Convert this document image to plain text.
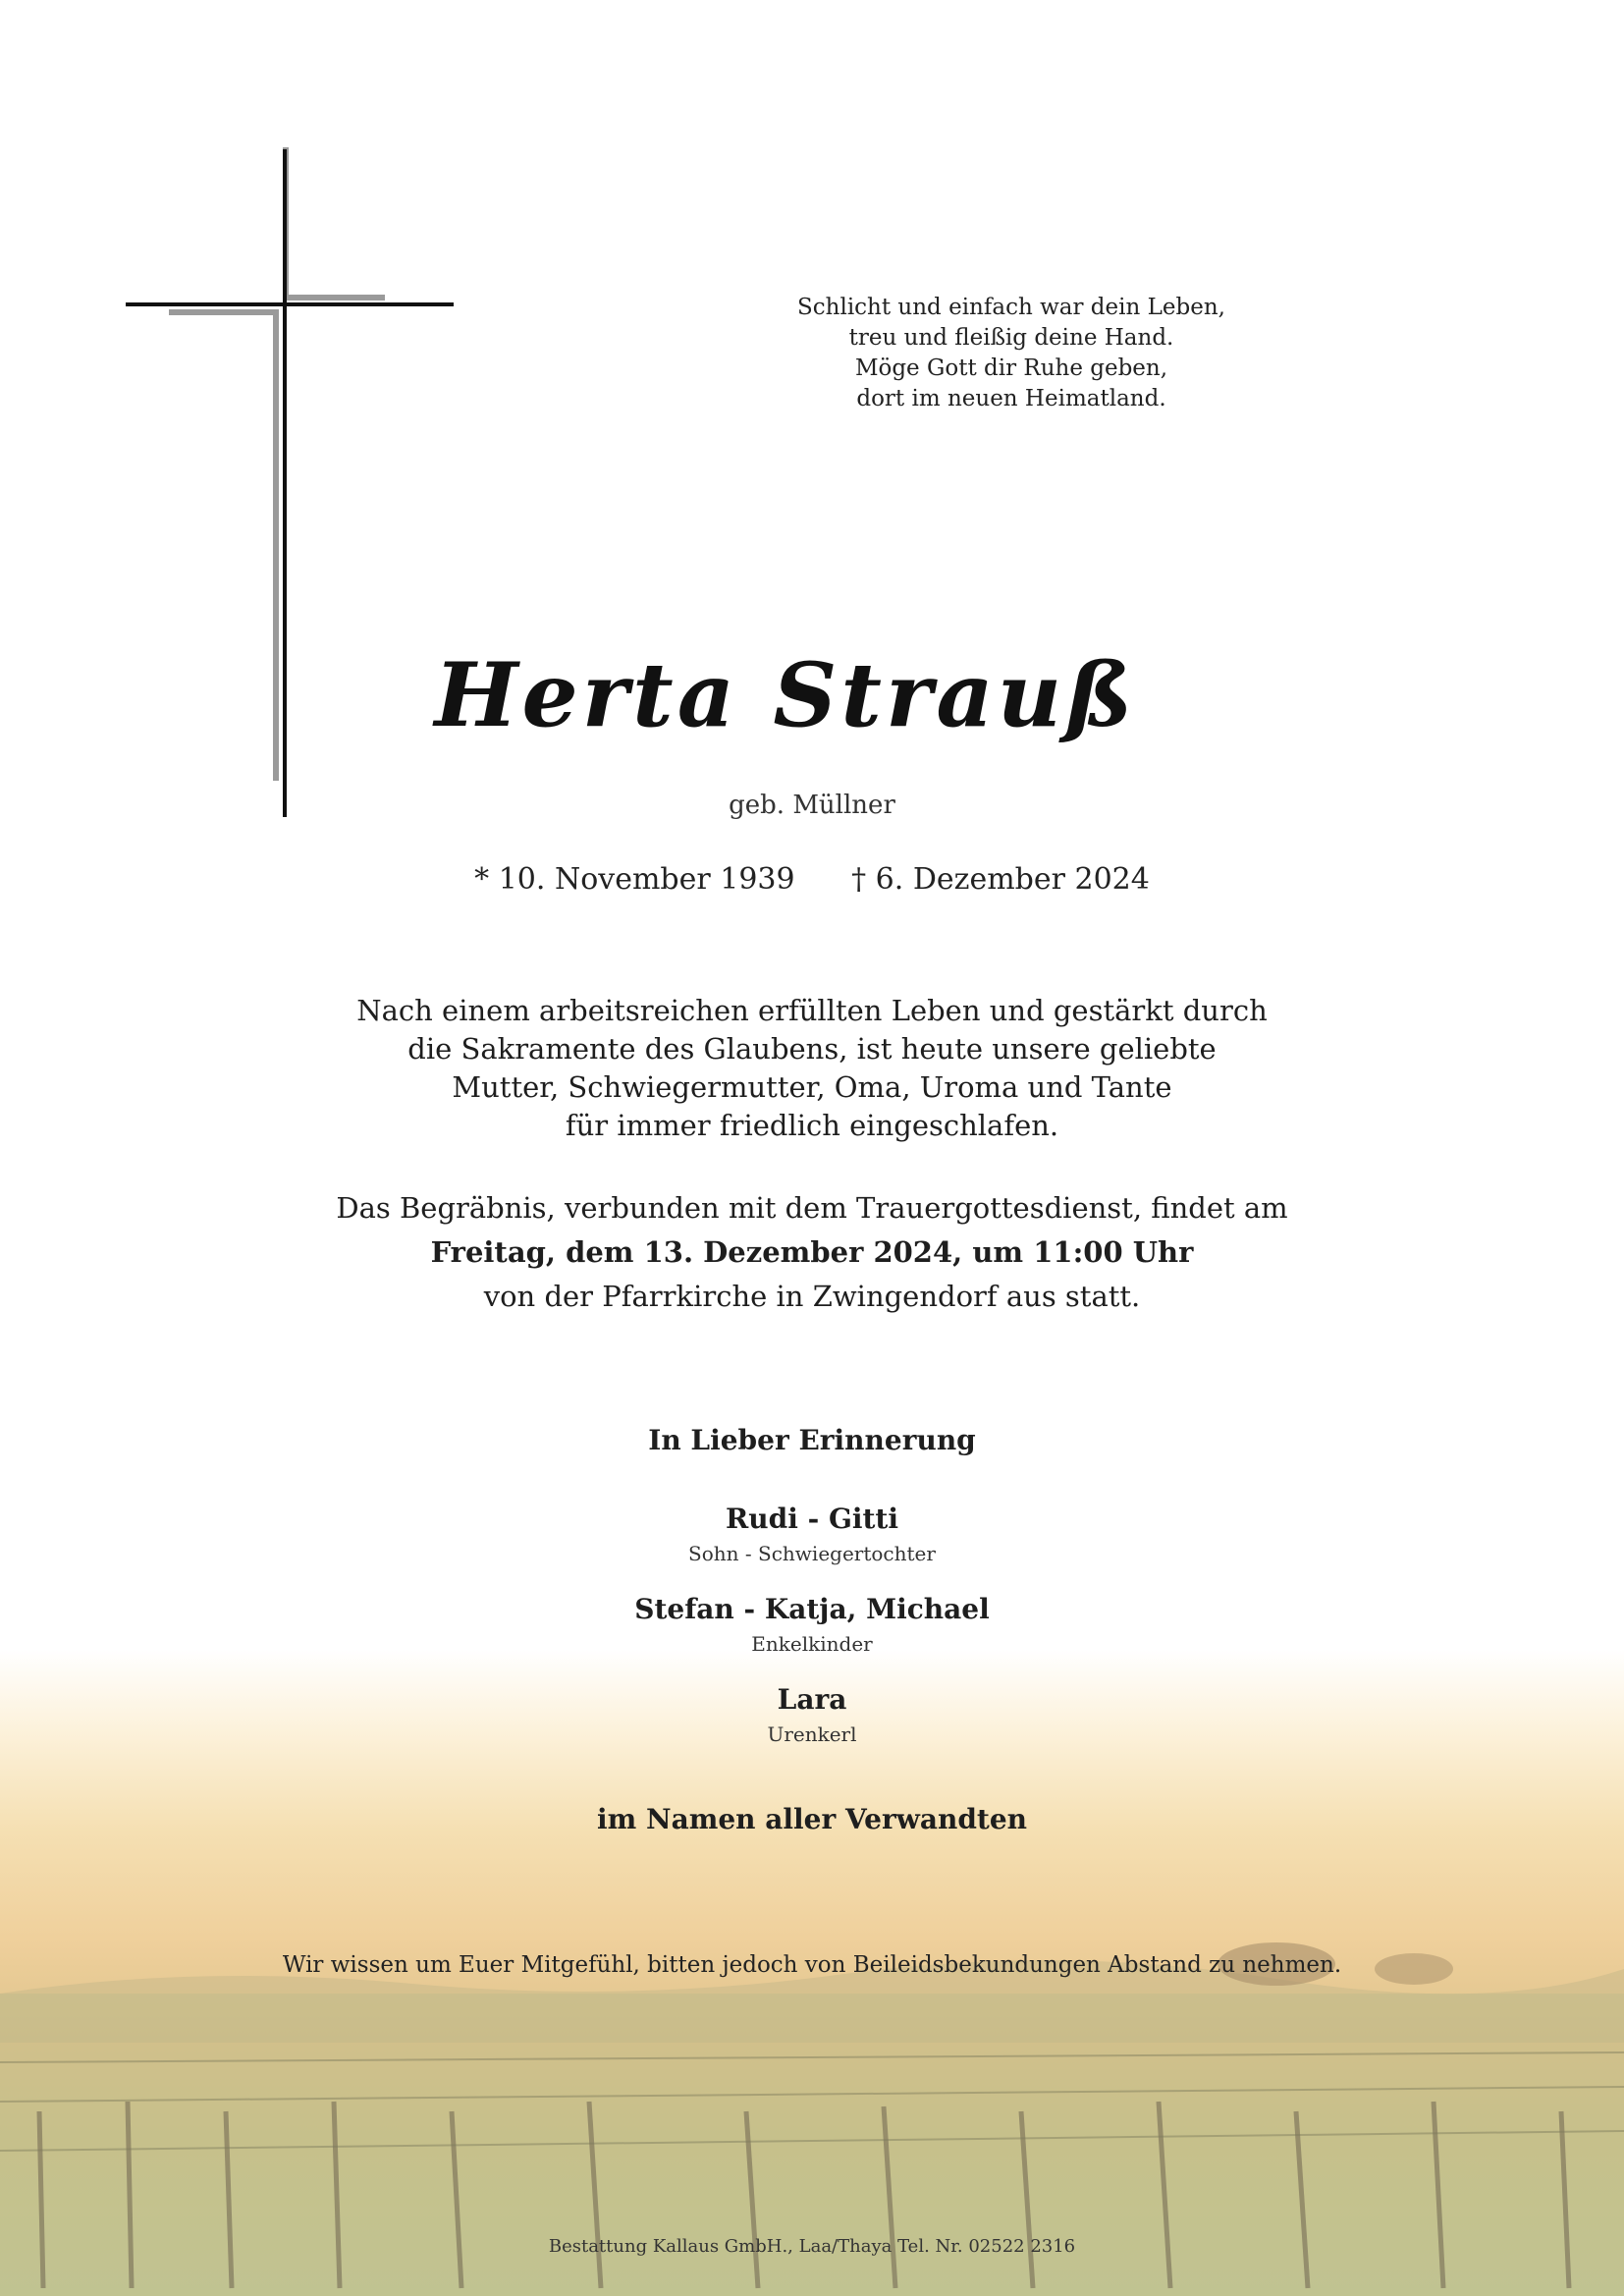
Schlicht und einfach war dein Leben,
treu und fleißig deine Hand.
Möge Gott dir Ruhe geben,
dort im neuen Heimatland.
Herta Strauß
geb. Müllner
* 10. November 1939 † 6. Dezember 2024
Nach einem arbeitsreichen erfüllten Leben und gestärkt durch
die Sakramente des Glaubens, ist heute unsere geliebte
Mutter, Schwiegermutter, Oma, Uroma und Tante
für immer friedlich eingeschlafen.
Das Begräbnis, verbunden mit dem Trauergottesdienst, findet am
Freitag, dem 13. Dezember 2024, um 11:00 Uhr
von der Pfarrkirche in Zwingendorf aus statt.
In Lieber Erinnerung
Rudi - Gitti
Sohn - Schwiegertochter
Stefan - Katja, Michael
Enkelkinder
Lara
Urenkerl
im Namen aller Verwandten
Wir wissen um Euer Mitgefühl, bitten jedoch von Beileidsbekundungen Abstand zu nehmen.
Bestattung Kallaus GmbH., Laa/Thaya Tel. Nr. 02522 2316
